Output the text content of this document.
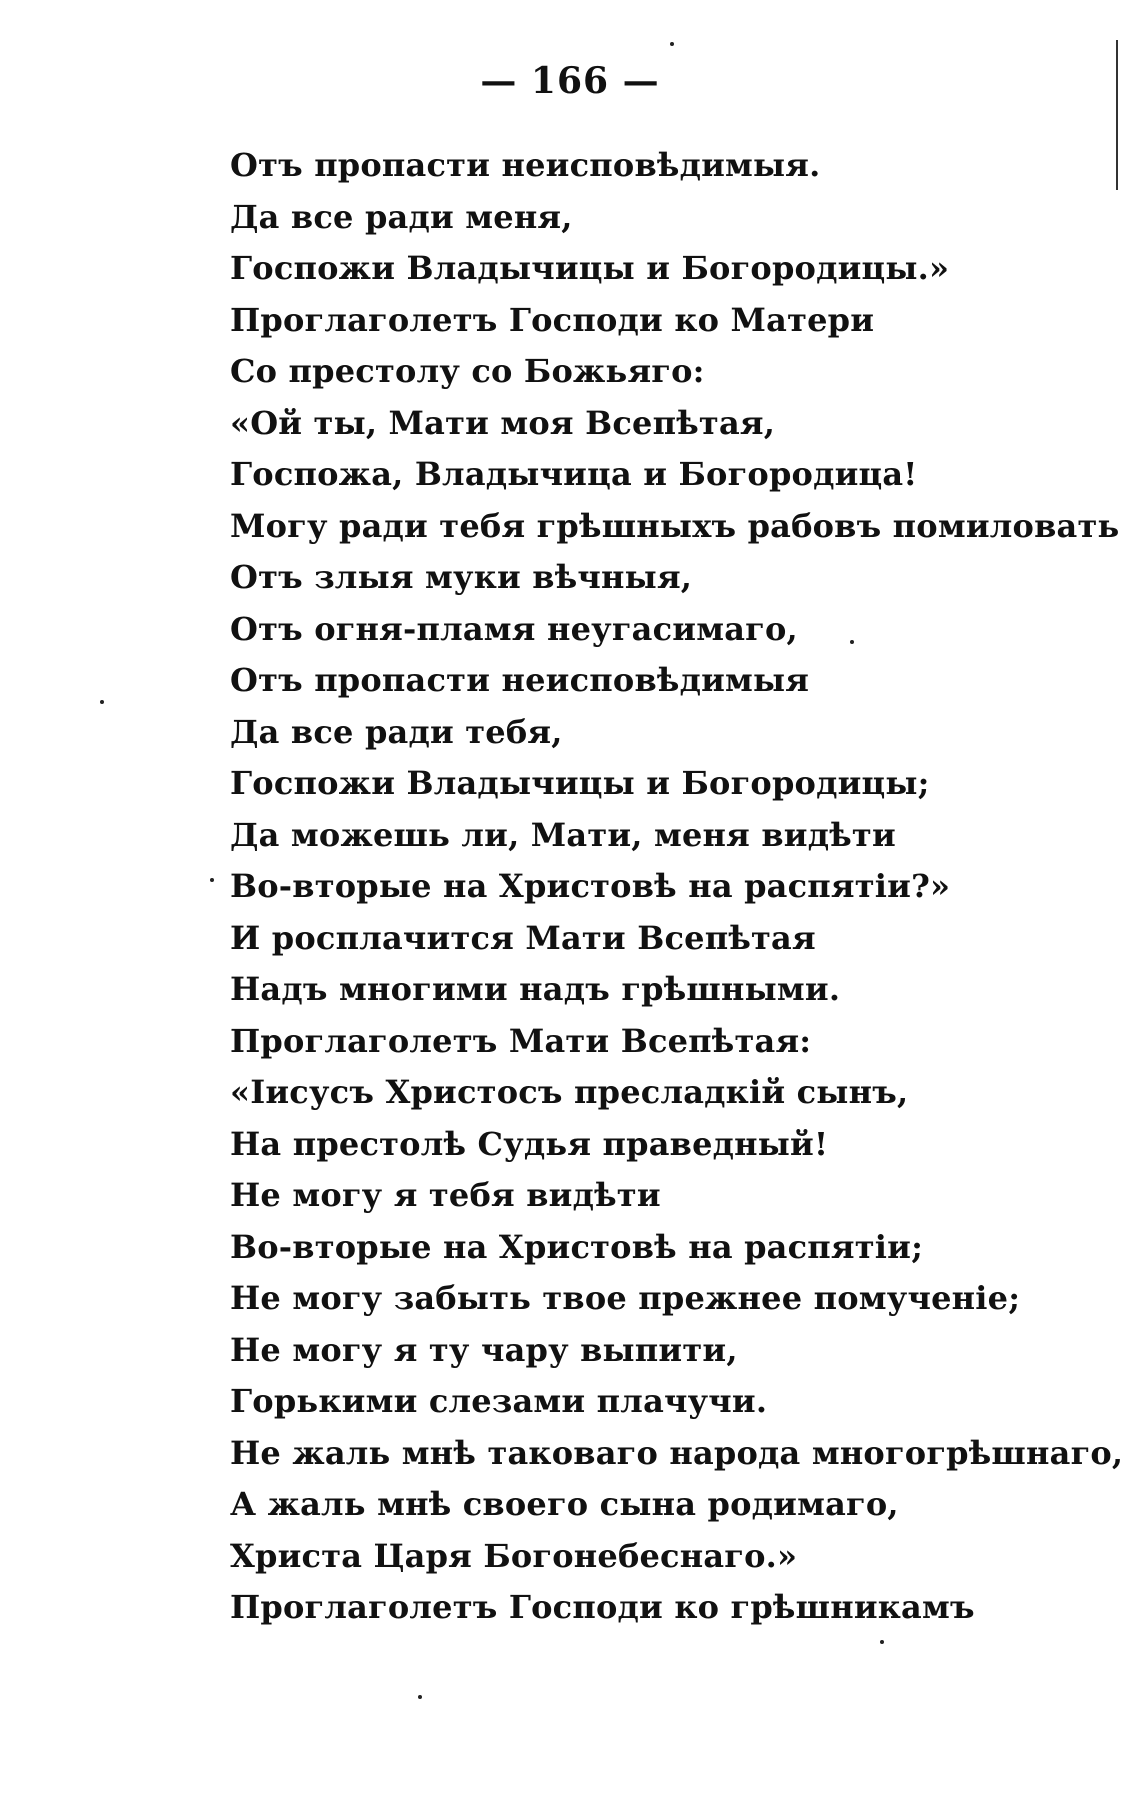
— 166 —
Отъ пропасти неисповѣдимыя.
Да все ради меня,
Госпожи Владычицы и Богородицы.»
Проглаголетъ Господи ко Матери
Со престолу со Божьяго:
«Ой ты, Мати моя Всепѣтая,
Госпожа, Владычица и Богородица!
Могу ради тебя грѣшныхъ рабовъ помиловать
Отъ злыя муки вѣчныя,
Отъ огня-пламя неугасимаго,
Отъ пропасти неисповѣдимыя
Да все ради тебя,
Госпожи Владычицы и Богородицы;
Да можешь ли, Мати, меня видѣти
Во-вторые на Христовѣ на распятіи?»
И росплачится Мати Всепѣтая
Надъ многими надъ грѣшными.
Проглаголетъ Мати Всепѣтая:
«Іисусъ Христосъ пресладкій сынъ,
На престолѣ Судья праведный!
Не могу я тебя видѣти
Во-вторые на Христовѣ на распятіи;
Не могу забыть твое прежнее помученіе;
Не могу я ту чару выпити,
Горькими слезами плачучи.
Не жаль мнѣ таковаго народа многогрѣшнаго,
А жаль мнѣ своего сына родимаго,
Христа Царя Богонебеснаго.»
Проглаголетъ Господи ко грѣшникамъ
